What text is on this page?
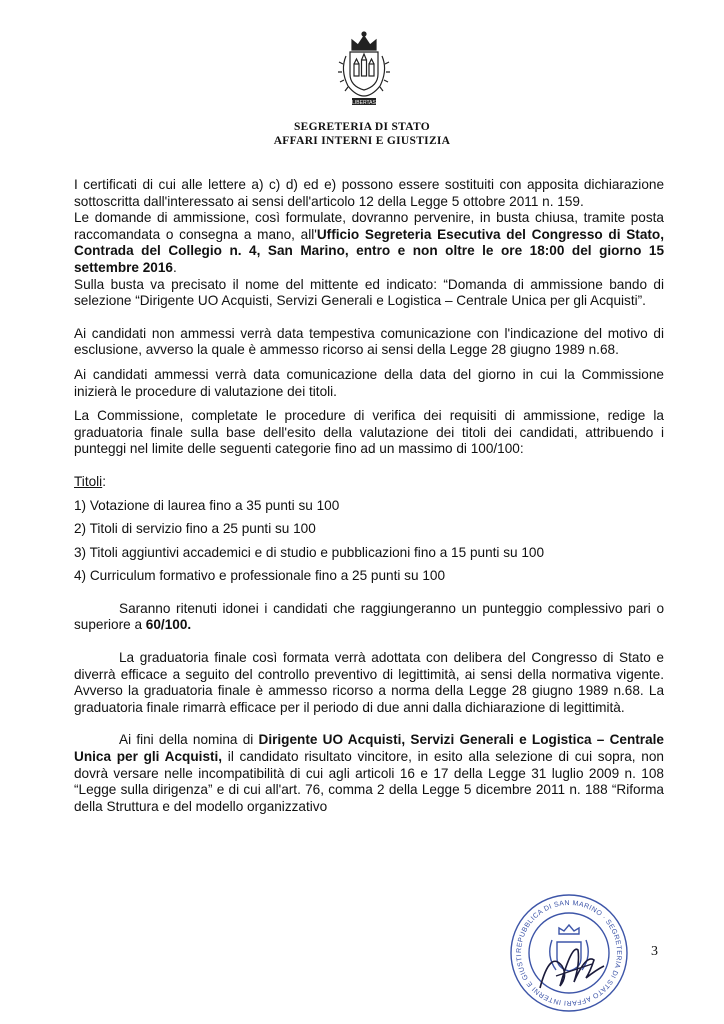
LIBERTAS
SEGRETERIA DI STATO
AFFARI INTERNI E GIUSTIZIA

I certificati di cui alle lettere a) c) d) ed e) possono essere sostituiti con apposita dichiarazione sottoscritta dall'interessato ai sensi dell'articolo 12 della Legge 5 ottobre 2011 n. 159.

Le domande di ammissione, così formulate, dovranno pervenire, in busta chiusa, tramite posta raccomandata o consegna a mano, all'Ufficio Segreteria Esecutiva del Congresso di Stato, Contrada del Collegio n. 4, San Marino, entro e non oltre le ore 18:00 del giorno 15 settembre 2016.

Sulla busta va precisato il nome del mittente ed indicato: “Domanda di ammissione bando di selezione “Dirigente UO Acquisti, Servizi Generali e Logistica – Centrale Unica per gli Acquisti”.

Ai candidati non ammessi verrà data tempestiva comunicazione con l'indicazione del motivo di esclusione, avverso la quale è ammesso ricorso ai sensi della Legge 28 giugno 1989 n.68.

Ai candidati ammessi verrà data comunicazione della data del giorno in cui la Commissione inizierà le procedure di valutazione dei titoli.

La Commissione, completate le procedure di verifica dei requisiti di ammissione, redige la graduatoria finale sulla base dell'esito della valutazione dei titoli dei candidati, attribuendo i punteggi nel limite delle seguenti categorie fino ad un massimo di 100/100:

Titoli:

1) Votazione di laurea fino a 35 punti su 100

2) Titoli di servizio fino a 25 punti su 100

3) Titoli aggiuntivi accademici e di studio e pubblicazioni fino a 15 punti su 100

4) Curriculum formativo e professionale fino a 25 punti su 100

Saranno ritenuti idonei i candidati che raggiungeranno un punteggio complessivo pari o superiore a 60/100.

La graduatoria finale così formata verrà adottata con delibera del Congresso di Stato e diverrà efficace a seguito del controllo preventivo di legittimità, ai sensi della normativa vigente. Avverso la graduatoria finale è ammesso ricorso a norma della Legge 28 giugno 1989 n.68. La graduatoria finale rimarrà efficace per il periodo di due anni dalla dichiarazione di legittimità.

Ai fini della nomina di Dirigente UO Acquisti, Servizi Generali e Logistica – Centrale Unica per gli Acquisti, il candidato risultato vincitore, in esito alla selezione di cui sopra, non dovrà versare nelle incompatibilità di cui agli articoli 16 e 17 della Legge 31 luglio 2009 n. 108 “Legge sulla dirigenza” e di cui all'art. 76, comma 2 della Legge 5 dicembre 2011 n. 188 “Riforma della Struttura e del modello organizzativo

REPUBBLICA DI SAN MARINO · SEGRETERIA DI STATO AFFARI INTERNI E GIUSTI	3
